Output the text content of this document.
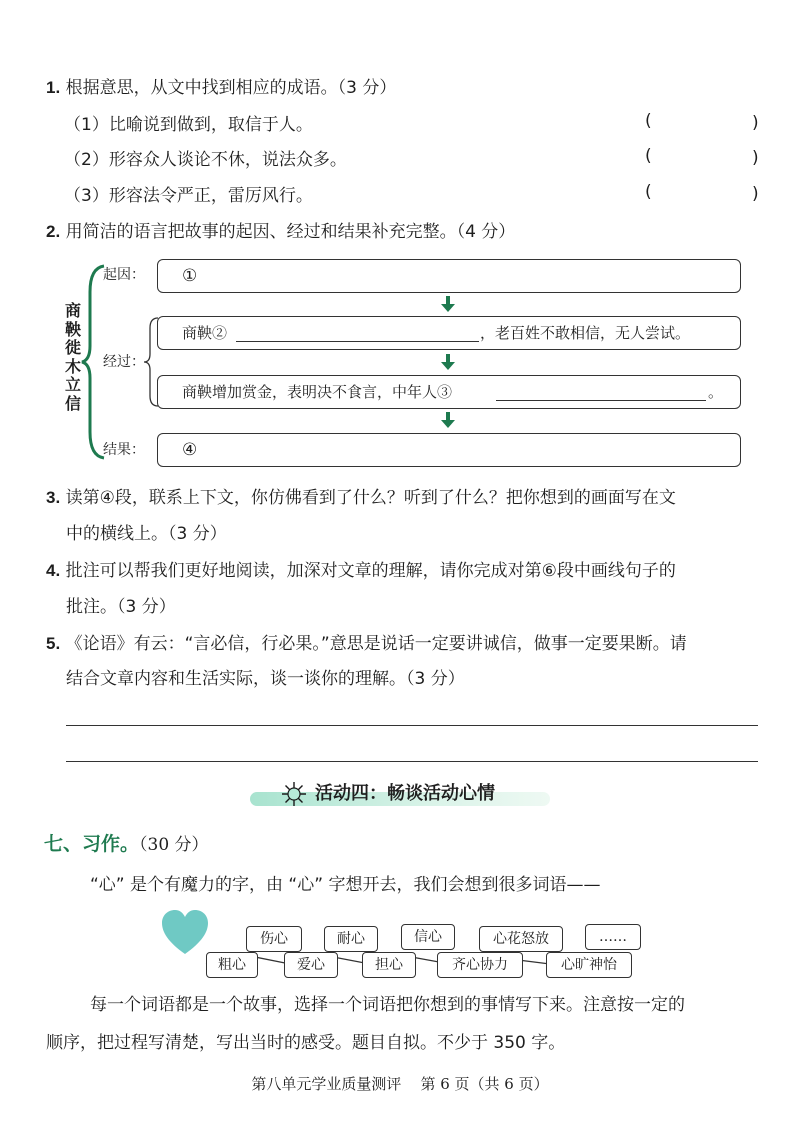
1. 根据意思，从文中找到相应的成语。（3 分）
（1）比喻说到做到，取信于人。	(	)
（2）形容众人谈论不休，说法众多。	(	)
（3）形容法令严正，雷厉风行。	(	)
2. 用简洁的语言把故事的起因、经过和结果补充完整。（4 分）
商
鞅
徙
木
立
信
起因：
经过：
结果：
①
商鞅②	，老百姓不敢相信，无人尝试。
商鞅增加赏金，表明决不食言，中年人③	。
④
3. 读第④段，联系上下文，你仿佛看到了什么？听到了什么？把你想到的画面写在文
中的横线上。（3 分）
4. 批注可以帮我们更好地阅读，加深对文章的理解，请你完成对第⑥段中画线句子的
批注。（3 分）
5. 《论语》有云：“言必信，行必果。”意思是说话一定要讲诚信，做事一定要果断。请
结合文章内容和生活实际，谈一谈你的理解。（3 分）
活动四：畅谈活动心情
七、习作。（30 分）
“心” 是个有魔力的字，由 “心” 字想开去，我们会想到很多词语——
伤心	耐心	信心	心花怒放	……
粗心	爱心	担心	齐心协力	心旷神怡
每一个词语都是一个故事，选择一个词语把你想到的事情写下来。注意按一定的
顺序，把过程写清楚，写出当时的感受。题目自拟。不少于 350 字。
第八单元学业质量测评    第 6 页（共 6 页）
